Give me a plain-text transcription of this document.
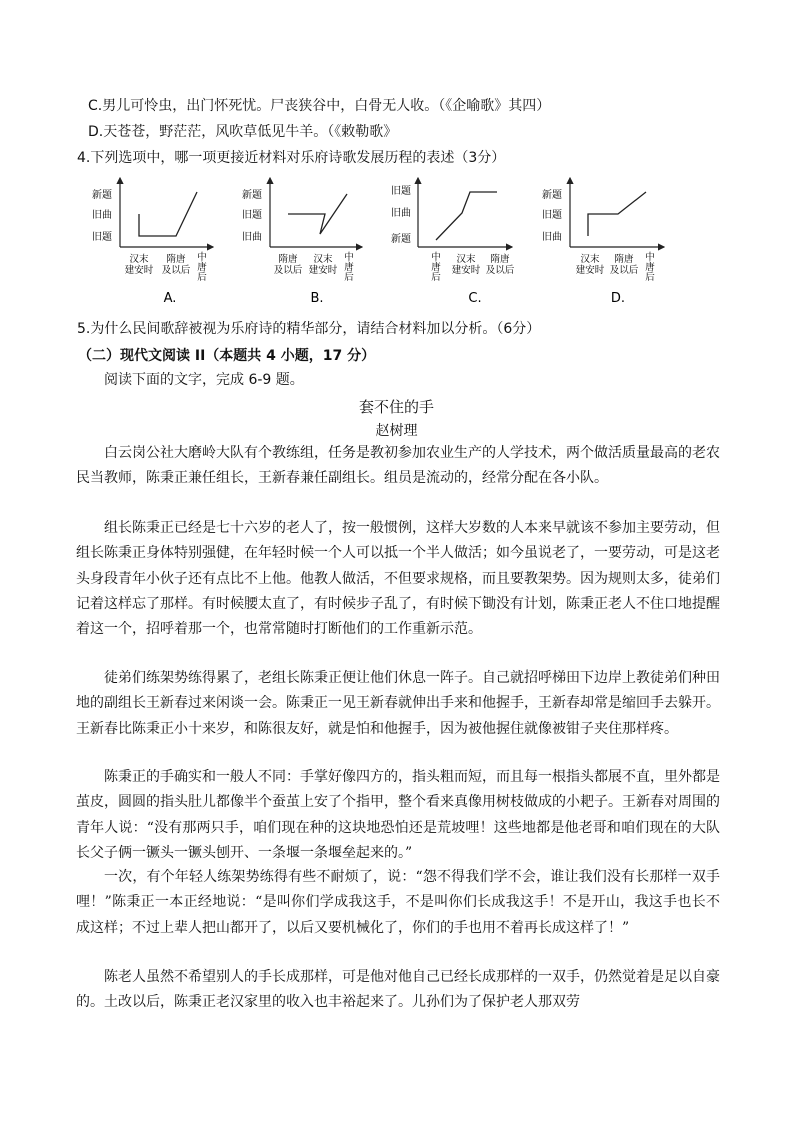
C.男儿可怜虫，出门怀死忧。尸丧狭谷中，白骨无人收。（《企喻歌》其四）
D.天苍苍，野茫茫，风吹草低见牛羊。（《敕勒歌》
4.下列选项中，哪一项更接近材料对乐府诗歌发展历程的表述（3分）
新题
旧曲
旧题
汉末建安时
隋唐及以后
中唐后
A.
新题
旧题
旧曲
隋唐及以后
汉末建安时
中唐后
B.
旧题
旧曲
新题
中唐后
汉末建安时
隋唐及以后
C.
新题
旧题
旧曲
汉末建安时
隋唐及以后
中唐后
D.
5.为什么民间歌辞被视为乐府诗的精华部分，请结合材料加以分析。（6分）
（二）现代文阅读 II（本题共 4 小题，17 分）
阅读下面的文字，完成 6-9 题。
套不住的手
赵树理
白云岗公社大磨岭大队有个教练组，任务是教初参加农业生产的人学技术，两个做活质量最高的老农民当教师，陈秉正兼任组长，王新春兼任副组长。组员是流动的，经常分配在各小队。
组长陈秉正已经是七十六岁的老人了，按一般惯例，这样大岁数的人本来早就该不参加主要劳动，但组长陈秉正身体特别强健，在年轻时候一个人可以抵一个半人做活；如今虽说老了，一要劳动，可是这老头身段青年小伙子还有点比不上他。他教人做活，不但要求规格，而且要教架势。因为规则太多，徒弟们记着这样忘了那样。有时候腰太直了，有时候步子乱了，有时候下锄没有计划，陈秉正老人不住口地提醒着这一个，招呼着那一个，也常常随时打断他们的工作重新示范。
徒弟们练架势练得累了，老组长陈秉正便让他们休息一阵子。自己就招呼梯田下边岸上教徒弟们种田地的副组长王新春过来闲谈一会。陈秉正一见王新春就伸出手来和他握手，王新春却常是缩回手去躲开。王新春比陈秉正小十来岁，和陈很友好，就是怕和他握手，因为被他握住就像被钳子夹住那样疼。
陈秉正的手确实和一般人不同：手掌好像四方的，指头粗而短，而且每一根指头都展不直，里外都是茧皮，圆圆的指头肚儿都像半个蚕茧上安了个指甲，整个看来真像用树枝做成的小耙子。王新春对周围的青年人说：“没有那两只手，咱们现在种的这块地恐怕还是荒坡哩！这些地都是他老哥和咱们现在的大队长父子俩一镢头一镢头刨开、一条堰一条堰垒起来的。”
一次，有个年轻人练架势练得有些不耐烦了，说：“怨不得我们学不会，谁让我们没有长那样一双手哩！”陈秉正一本正经地说：“是叫你们学成我这手，不是叫你们长成我这手！不是开山，我这手也长不成这样；不过上辈人把山都开了，以后又要机械化了，你们的手也用不着再长成这样了！”
陈老人虽然不希望别人的手长成那样，可是他对他自己已经长成那样的一双手，仍然觉着是足以自豪的。土改以后，陈秉正老汉家里的收入也丰裕起来了。儿孙们为了保护老人那双劳
